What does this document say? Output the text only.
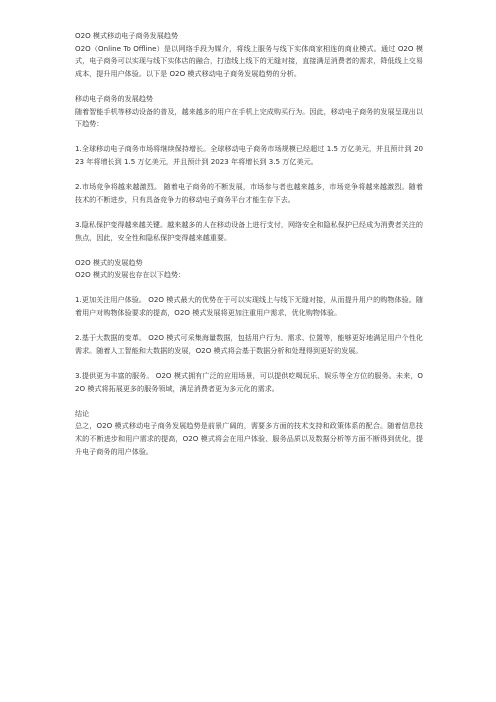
O2O 模式移动电子商务发展趋势

O2O（Online To Offline）是以网络手段为媒介，将线上服务与线下实体商家相连的商业模式。通过 O2O 模式，电子商务可以实现与线下实体店的融合，打造线上线下的无缝对接，直接满足消费者的需求，降低线上交易成本，提升用户体验。以下是 O2O 模式移动电子商务发展趋势的分析。

移动电子商务的发展趋势

随着智能手机等移动设备的普及，越来越多的用户在手机上完成购买行为。因此，移动电子商务的发展呈现出以下趋势：

1.全球移动电子商务市场将继续保持增长。全球移动电子商务市场规模已经超过 1.5 万亿美元，并且预计到 2023 年将增长到 1.5 万亿美元，并且预计到 2023 年将增长到 3.5 万亿美元。

2.市场竞争将越来越激烈。 随着电子商务的不断发展，市场参与者也越来越多，市场竞争将越来越激烈。随着技术的不断进步，只有具备竞争力的移动电子商务平台才能生存下去。

3.隐私保护变得越来越关键。越来越多的人在移动设备上进行支付，网络安全和隐私保护已经成为消费者关注的焦点，因此，安全性和隐私保护变得越来越重要。

O2O 模式的发展趋势

O2O 模式的发展也存在以下趋势：

1.更加关注用户体验。 O2O 模式最大的优势在于可以实现线上与线下无缝对接，从而提升用户的购物体验。随着用户对购物体验要求的提高，O2O 模式发展将更加注重用户需求，优化购物体验。

2.基于大数据的变革。 O2O 模式可采集海量数据，包括用户行为、需求、位置等，能够更好地满足用户个性化需求。随着人工智能和大数据的发展，O2O 模式将会基于数据分析和处理得到更好的发展。

3.提供更为丰富的服务。 O2O 模式拥有广泛的应用场景，可以提供吃喝玩乐、娱乐等全方位的服务。未来，O2O 模式将拓展更多的服务领域，满足消费者更为多元化的需求。

结论

总之，O2O 模式移动电子商务发展趋势是前景广阔的，需要多方面的技术支持和政策体系的配合。随着信息技术的不断进步和用户需求的提高，O2O 模式将会在用户体验、服务品质以及数据分析等方面不断得到优化，提升电子商务的用户体验。
